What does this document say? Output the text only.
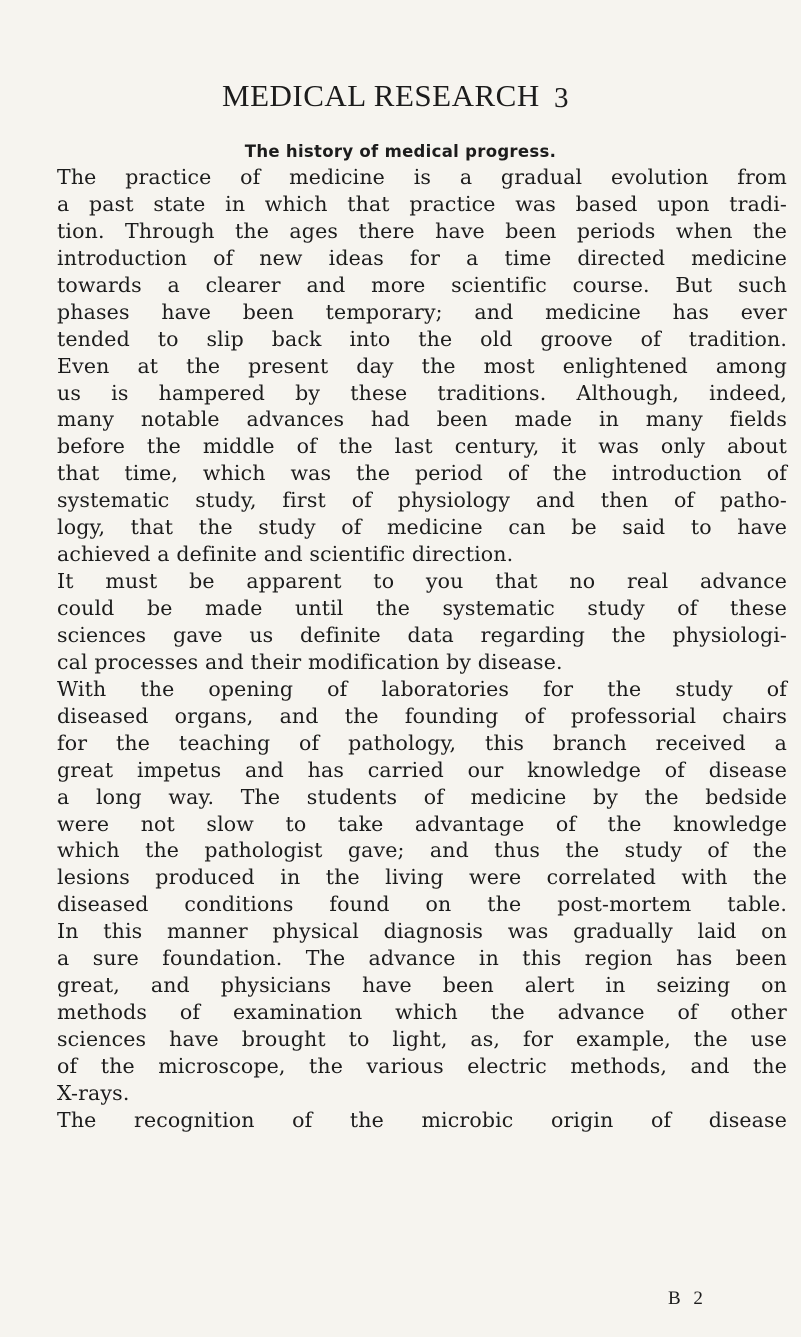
MEDICAL RESEARCH 3
The history of medical progress.
The practice of medicine is a gradual evolution from
a past state in which that practice was based upon tradi-
tion. Through the ages there have been periods when the
introduction of new ideas for a time directed medicine
towards a clearer and more scientific course. But such
phases have been temporary; and medicine has ever
tended to slip back into the old groove of tradition.
Even at the present day the most enlightened among
us is hampered by these traditions. Although, indeed,
many notable advances had been made in many fields
before the middle of the last century, it was only about
that time, which was the period of the introduction of
systematic study, first of physiology and then of patho-
logy, that the study of medicine can be said to have
achieved a definite and scientific direction.
It must be apparent to you that no real advance
could be made until the systematic study of these
sciences gave us definite data regarding the physiologi-
cal processes and their modification by disease.
With the opening of laboratories for the study of
diseased organs, and the founding of professorial chairs
for the teaching of pathology, this branch received a
great impetus and has carried our knowledge of disease
a long way. The students of medicine by the bedside
were not slow to take advantage of the knowledge
which the pathologist gave; and thus the study of the
lesions produced in the living were correlated with the
diseased conditions found on the post-mortem table.
In this manner physical diagnosis was gradually laid on
a sure foundation. The advance in this region has been
great, and physicians have been alert in seizing on
methods of examination which the advance of other
sciences have brought to light, as, for example, the use
of the microscope, the various electric methods, and the
X-rays.
The recognition of the microbic origin of disease
B 2
